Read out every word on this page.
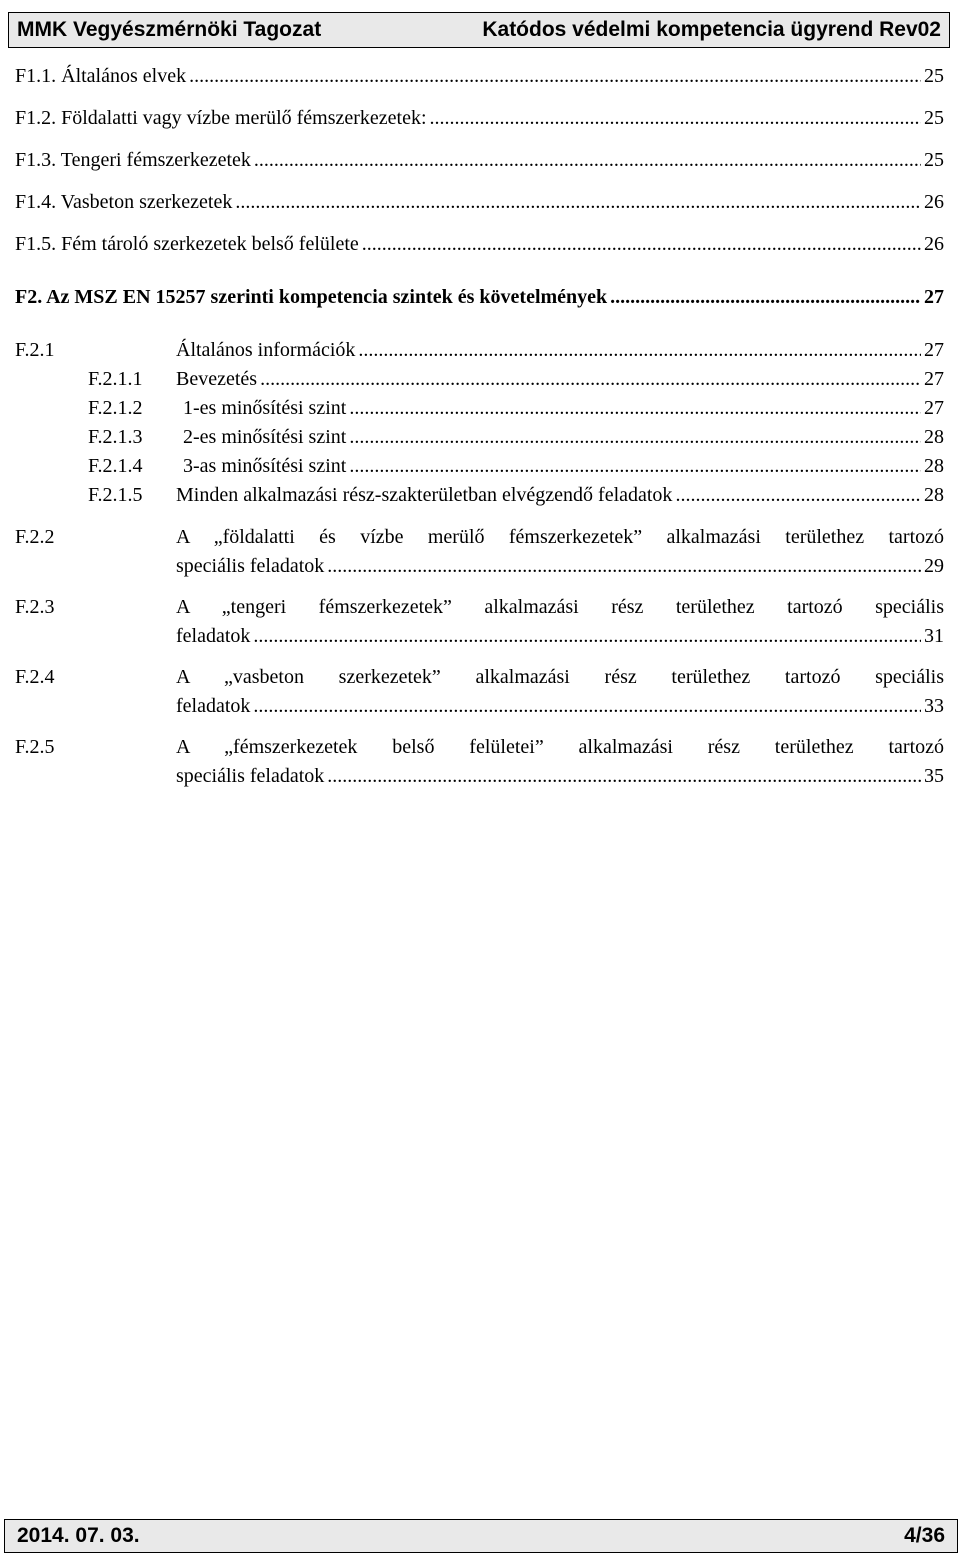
MMK Vegyészmérnöki Tagozat	Katódos védelmi kompetencia ügyrend Rev02
F1.1. Általános elvek .....	25
F1.2. Földalatti vagy vízbe merülő fémszerkezetek: .....	25
F1.3. Tengeri fémszerkezetek .....	25
F1.4. Vasbeton szerkezetek .....	26
F1.5. Fém tároló szerkezetek belső felülete .....	26
F2. Az MSZ EN 15257 szerinti kompetencia szintek és követelmények .....	27
F.2.1	Általános információk .....	27
F.2.1.1 Bevezetés .....	27
F.2.1.2 1-es minősítési szint .....	27
F.2.1.3 2-es minősítési szint .....	28
F.2.1.4 3-as minősítési szint .....	28
F.2.1.5 Minden alkalmazási rész-szakterületban elvégzendő feladatok .....	28
F.2.2	A „földalatti és vízbe merülő fémszerkezetek” alkalmazási területhez tartozó
speciális feladatok .....	29
F.2.3	A „tengeri fémszerkezetek” alkalmazási rész területhez tartozó speciális
feladatok .....	31
F.2.4	A „vasbeton szerkezetek” alkalmazási rész területhez tartozó speciális
feladatok .....	33
F.2.5	A „fémszerkezetek belső felületei” alkalmazási rész területhez tartozó
speciális feladatok .....	35
2014. 07. 03.	4/36
